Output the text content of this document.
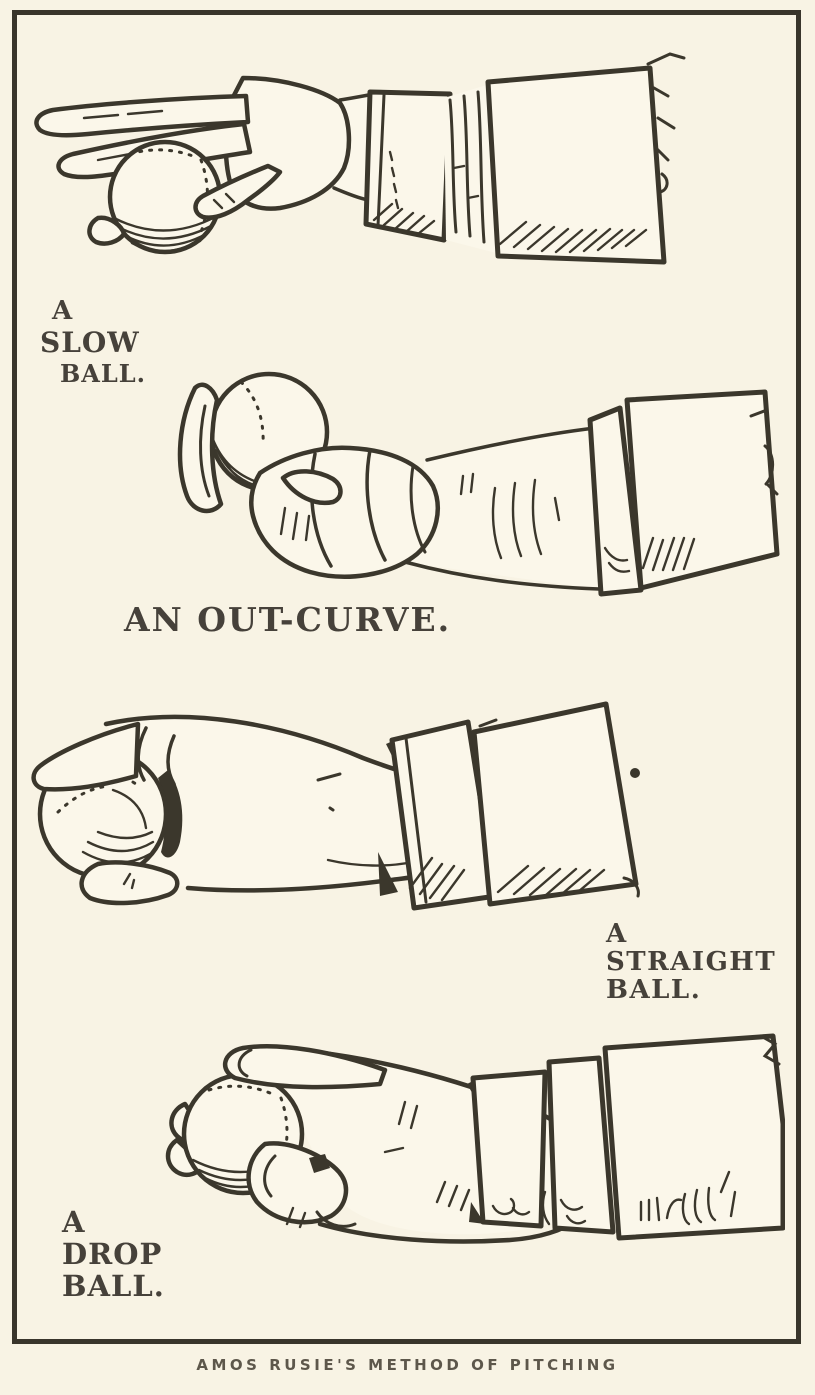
A
SLOW
BALL.
AN OUT-CURVE.
A
STRAIGHT
BALL.
A
DROP
BALL.
AMOS RUSIE'S METHOD OF PITCHING
